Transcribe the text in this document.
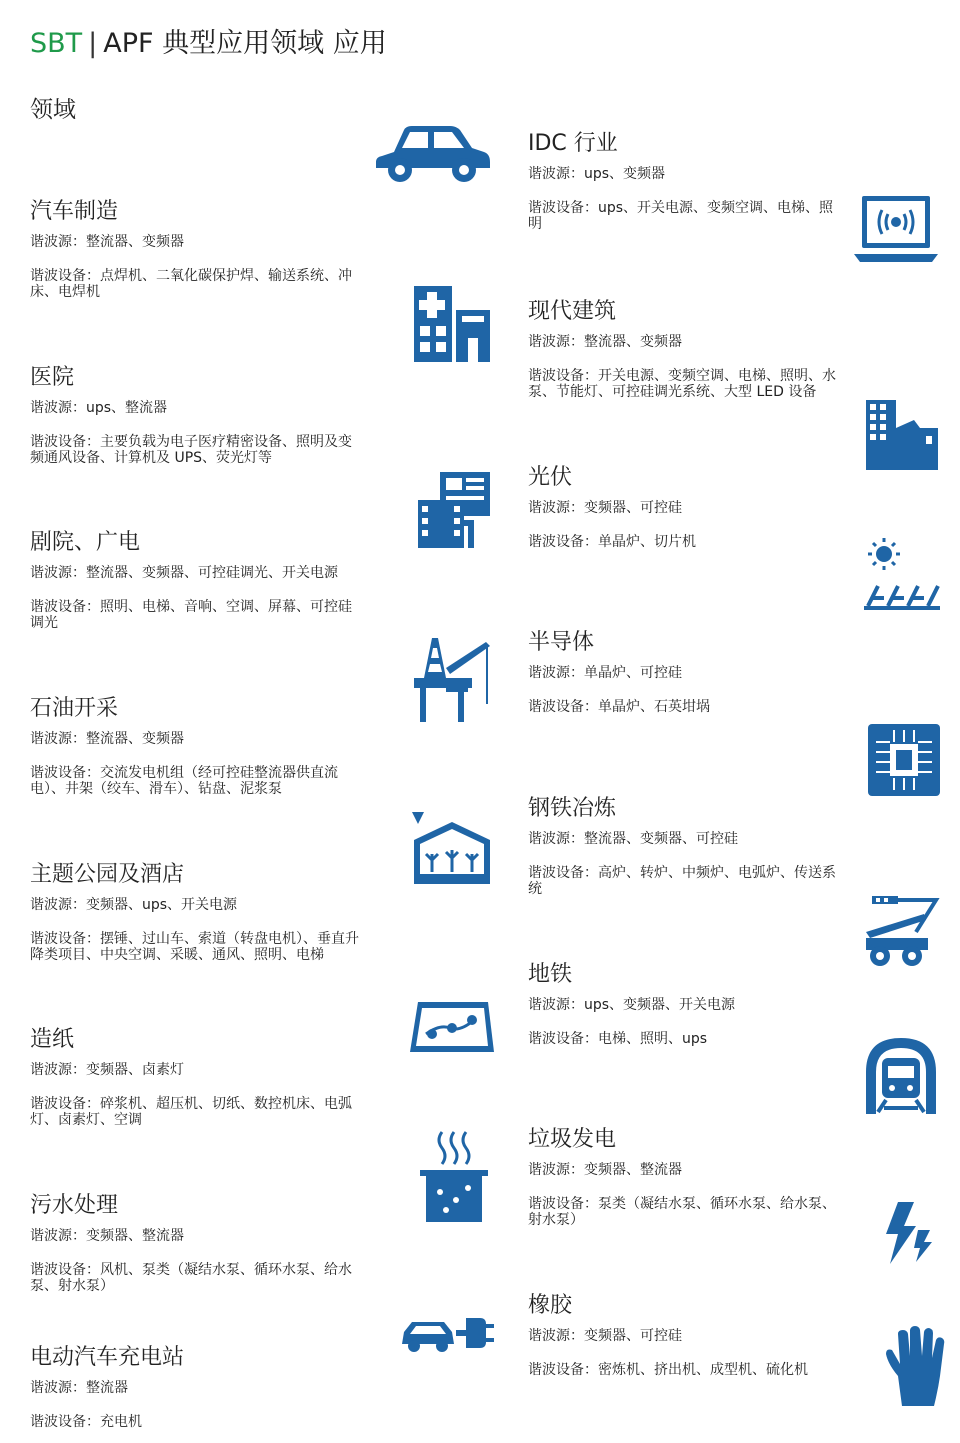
SBT | APF 典型应用领域 应用
领域
汽车制造
谐波源：整流器、变频器
谐波设备：点焊机、二氧化碳保护焊、输送系统、冲床、电焊机
医院
谐波源：ups、整流器
谐波设备：主要负载为电子医疗精密设备、照明及变频通风设备、计算机及 UPS、荧光灯等
剧院、广电
谐波源：整流器、变频器、可控硅调光、开关电源
谐波设备：照明、电梯、音响、空调、屏幕、可控硅调光
石油开采
谐波源：整流器、变频器
谐波设备：交流发电机组（经可控硅整流器供直流电）、井架（绞车、滑车）、钻盘、泥浆泵
主题公园及酒店
谐波源：变频器、ups、开关电源
谐波设备：摆锤、过山车、索道（转盘电机）、垂直升降类项目、中央空调、采暖、通风、照明、电梯
造纸
谐波源：变频器、卤素灯
谐波设备：碎浆机、超压机、切纸、数控机床、电弧灯、卤素灯、空调
污水处理
谐波源：变频器、整流器
谐波设备：风机、泵类（凝结水泵、循环水泵、给水泵、射水泵）
电动汽车充电站
谐波源：整流器
谐波设备：充电机
IDC 行业
谐波源：ups、变频器
谐波设备：ups、开关电源、变频空调、电梯、照明
现代建筑
谐波源：整流器、变频器
谐波设备：开关电源、变频空调、电梯、照明、水泵、节能灯、可控硅调光系统、大型 LED 设备
光伏
谐波源：变频器、可控硅
谐波设备：单晶炉、切片机
半导体
谐波源：单晶炉、可控硅
谐波设备：单晶炉、石英坩埚
钢铁冶炼
谐波源：整流器、变频器、可控硅
谐波设备：高炉、转炉、中频炉、电弧炉、传送系统
地铁
谐波源：ups、变频器、开关电源
谐波设备：电梯、照明、ups
垃圾发电
谐波源：变频器、整流器
谐波设备：泵类（凝结水泵、循环水泵、给水泵、射水泵）
橡胶
谐波源：变频器、可控硅
谐波设备：密炼机、挤出机、成型机、硫化机
